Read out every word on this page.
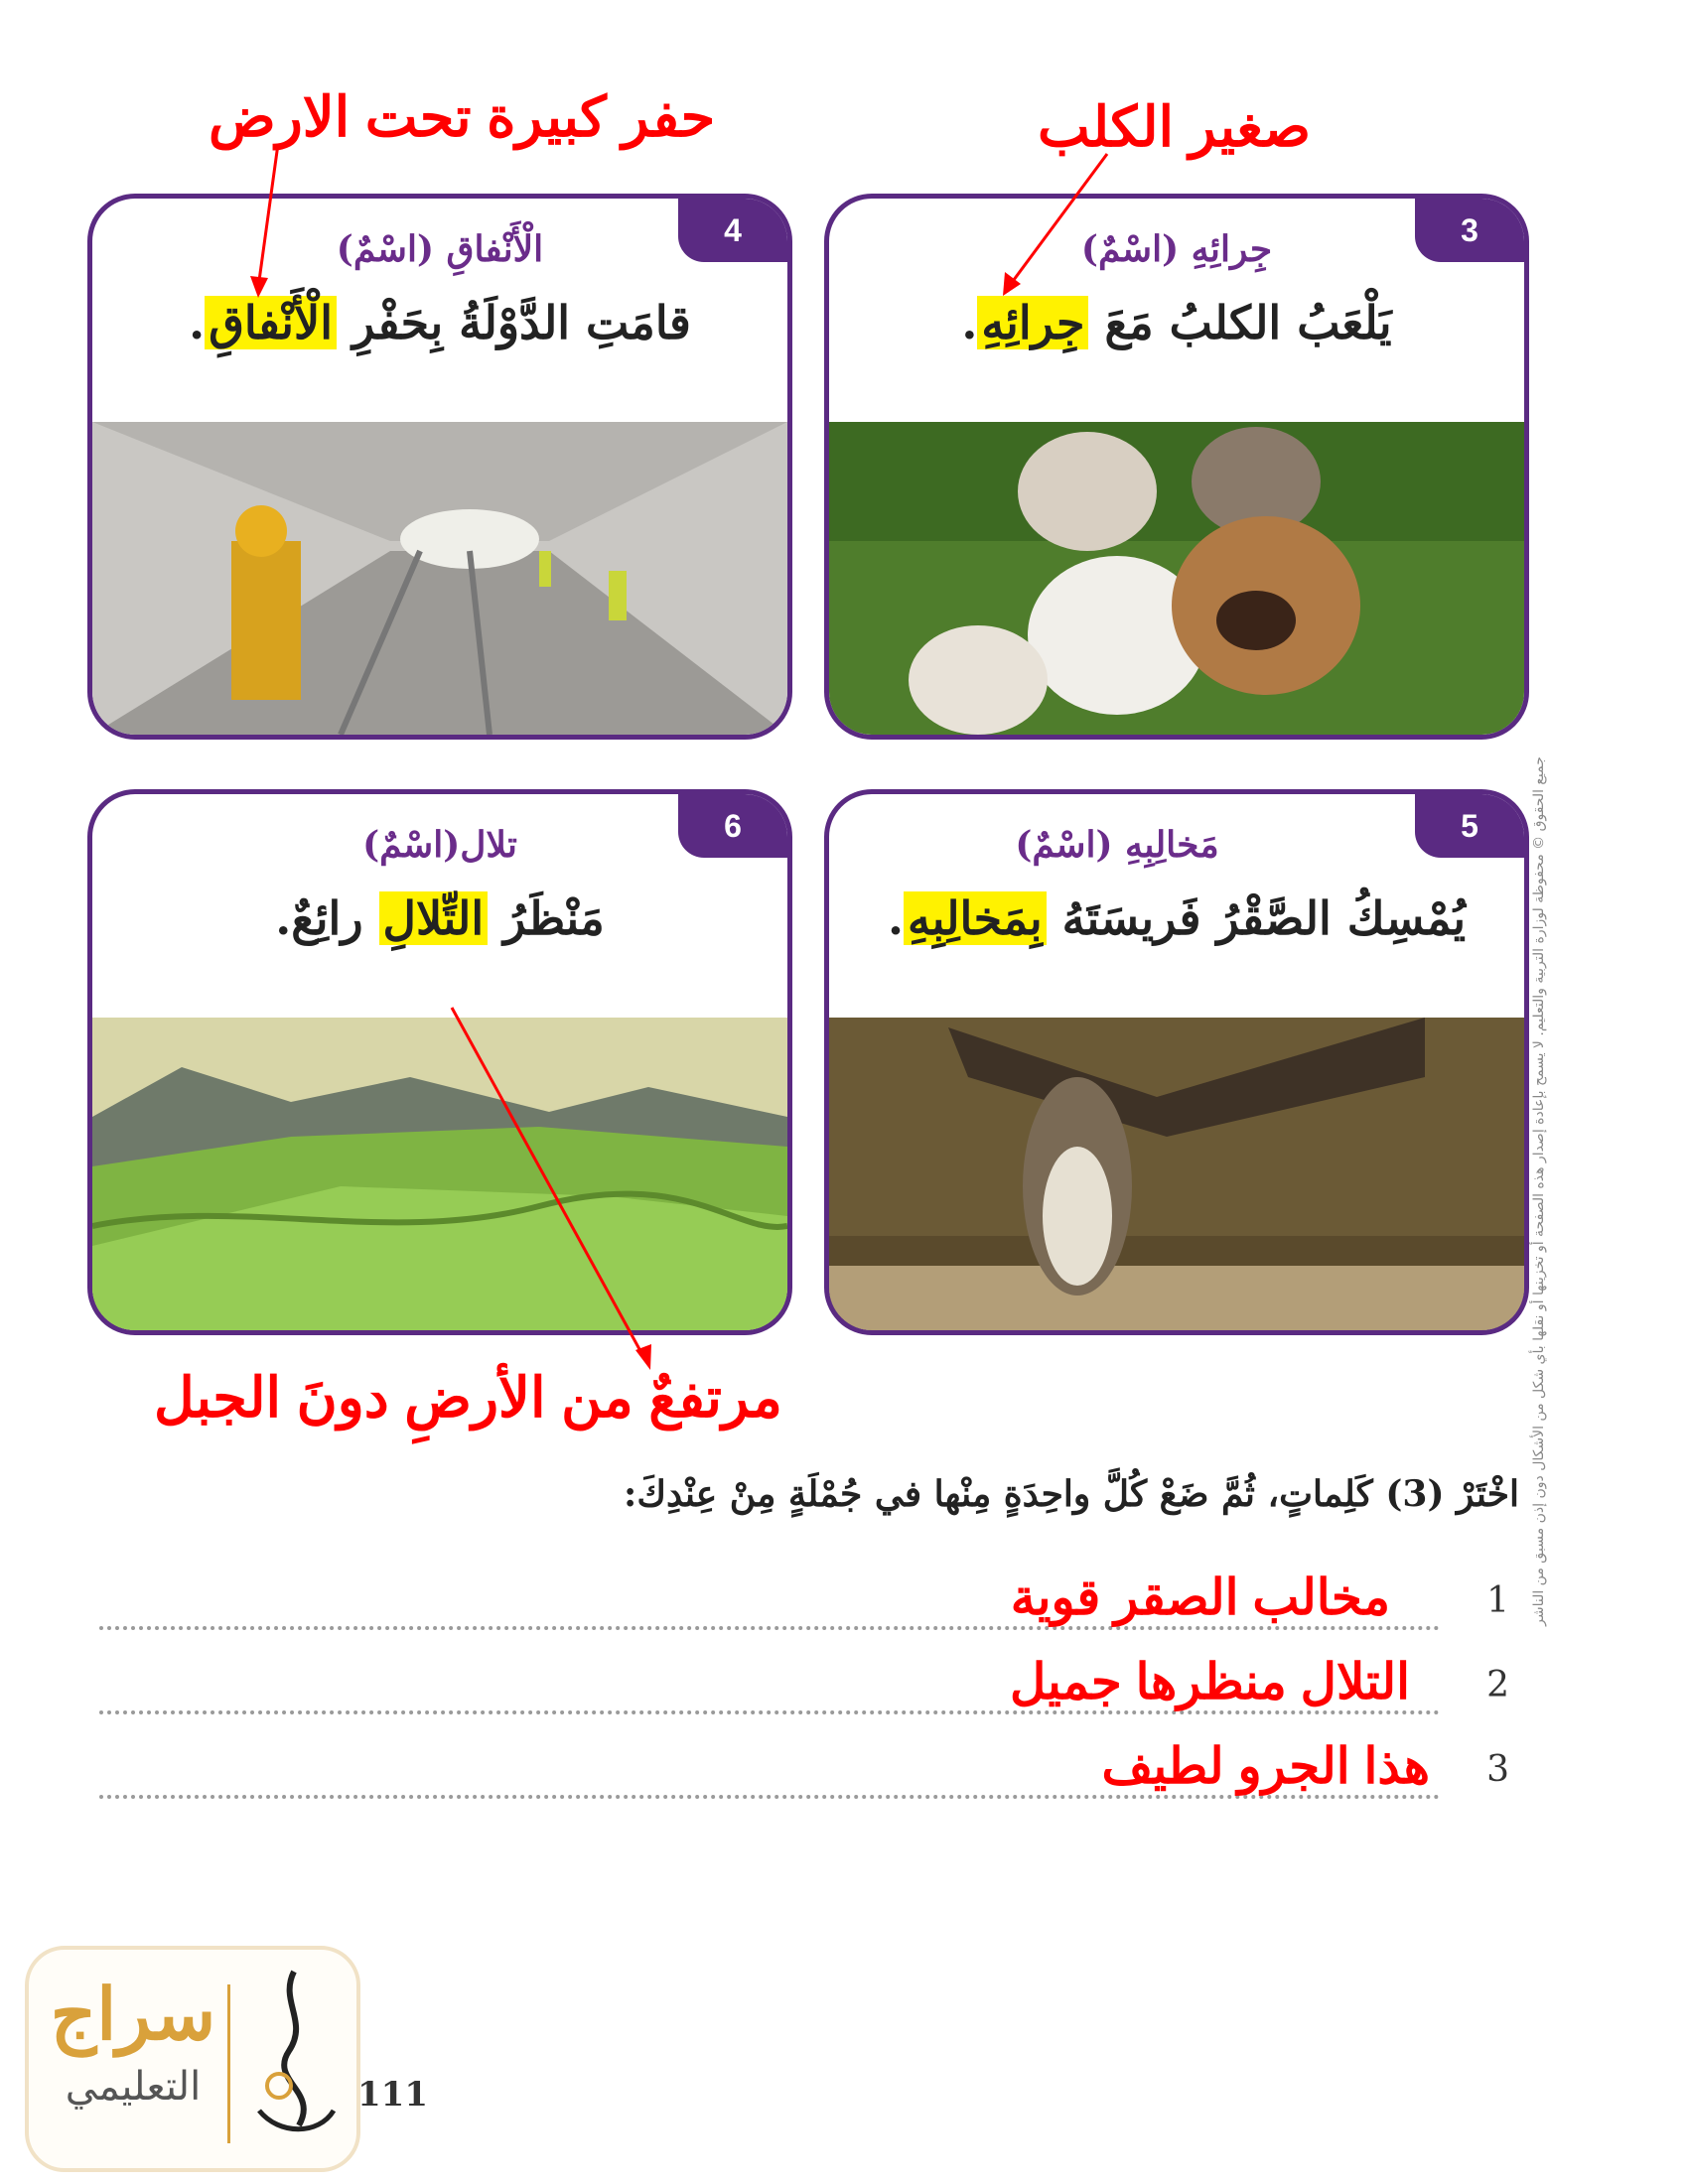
حفر كبيرة تحت الارض	صغير الكلب
3
جِرائِهِ (اسْمٌ)
يَلْعَبُ الكلبُ مَعَ جِرائِهِ.
4
الْأَنْفاقِ (اسْمٌ)
قامَتِ الدَّوْلَةُ بِحَفْرِ الْأَنْفاقِ.
5
مَخالِبِهِ (اسْمٌ)
يُمْسِكُ الصَّقْرُ فَريسَتَهُ بِمَخالِبِهِ.
6
تلال(اسْمٌ)
مَنْظَرُ التِّلالِ رائِعٌ.
مرتفعٌ من الأرضِ دونَ الجبل
اخْتَرْ (3) كَلِماتٍ، ثُمَّ ضَعْ كُلَّ واحِدَةٍ مِنْها في جُمْلَةٍ مِنْ عِنْدِكَ:
1
مخالب الصقر قوية
2
التلال منظرها جميل
3
هذا الجرو لطيف
جميع الحقوق © محفوظة لوزارة التربية والتعليم. لا يسمح بإعادة إصدار هذه الصفحة أو تخزينها أو نقلها بأي شكل من الأشكال دون إذن مسبق من الناشر
سراج
التعليمي	111
